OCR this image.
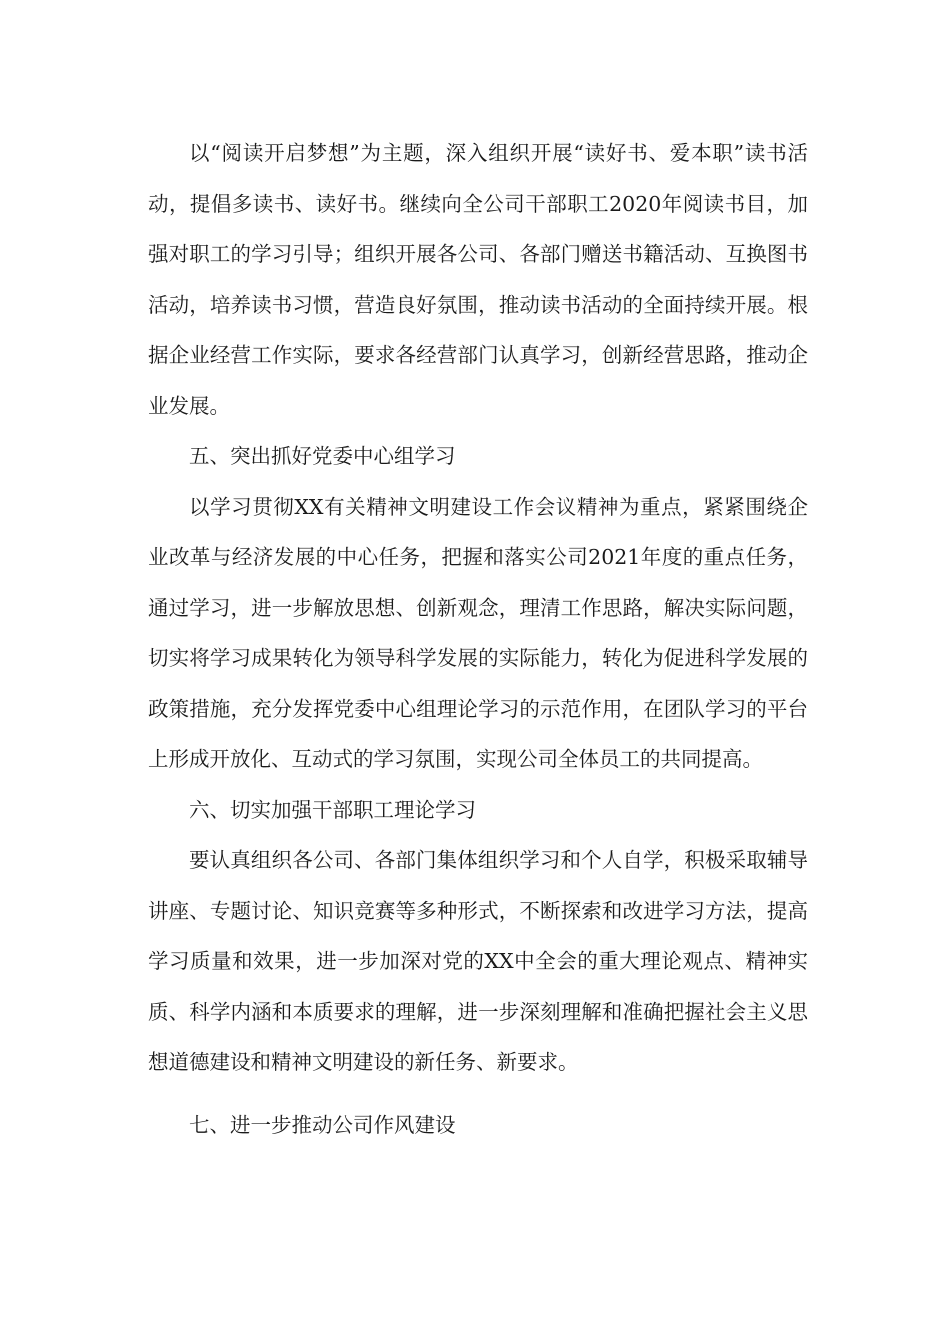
以“阅读开启梦想”为主题，深入组织开展“读好书、爱本职”读书活动，提倡多读书、读好书。继续向全公司干部职工2020年阅读书目，加强对职工的学习引导；组织开展各公司、各部门赠送书籍活动、互换图书活动，培养读书习惯，营造良好氛围，推动读书活动的全面持续开展。根据企业经营工作实际，要求各经营部门认真学习，创新经营思路，推动企业发展。

五、突出抓好党委中心组学习

以学习贯彻XX有关精神文明建设工作会议精神为重点，紧紧围绕企业改革与经济发展的中心任务，把握和落实公司2021年度的重点任务，通过学习，进一步解放思想、创新观念，理清工作思路，解决实际问题，切实将学习成果转化为领导科学发展的实际能力，转化为促进科学发展的政策措施，充分发挥党委中心组理论学习的示范作用，在团队学习的平台上形成开放化、互动式的学习氛围，实现公司全体员工的共同提高。

六、切实加强干部职工理论学习

要认真组织各公司、各部门集体组织学习和个人自学，积极采取辅导讲座、专题讨论、知识竞赛等多种形式，不断探索和改进学习方法，提高学习质量和效果，进一步加深对党的XX中全会的重大理论观点、精神实质、科学内涵和本质要求的理解，进一步深刻理解和准确把握社会主义思想道德建设和精神文明建设的新任务、新要求。

七、进一步推动公司作风建设
